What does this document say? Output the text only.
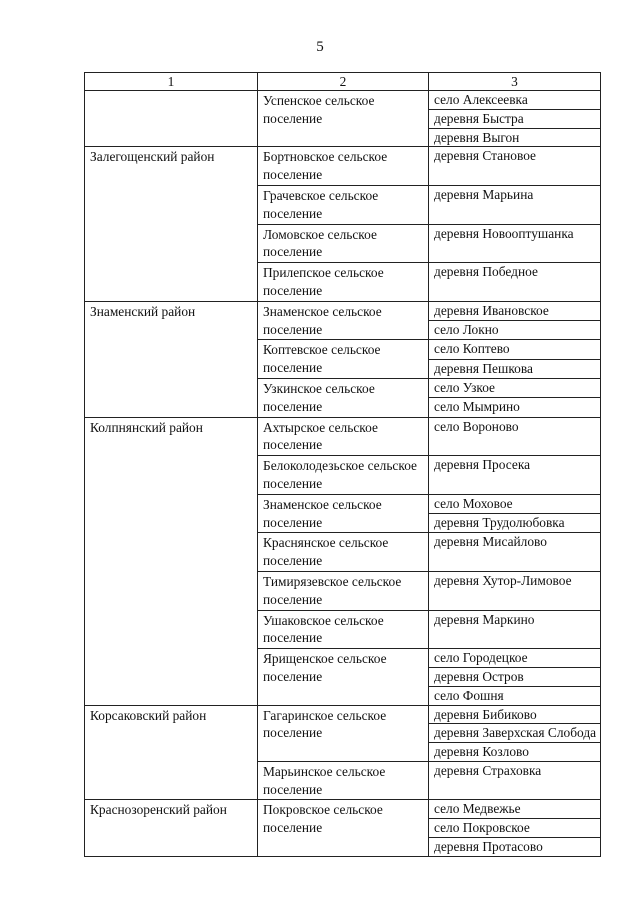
5
1	2	3
	Успенское сельское поселение	село Алексеевка
		деревня Быстра
		деревня Выгон
Залегощенский район	Бортновское сельское поселение	деревня Становое
	Грачевское сельское поселение	деревня Марьина
	Ломовское сельское поселение	деревня Новооптушанка
	Прилепское сельское поселение	деревня Победное
Знаменский район	Знаменское сельское поселение	деревня Ивановское
		село Локно
	Коптевское сельское поселение	село Коптево
		деревня Пешкова
	Узкинское сельское поселение	село Узкое
		село Мымрино
Колпнянский район	Ахтырское сельское поселение	село Вороново
	Белоколодезьское сельское поселение	деревня Просека
	Знаменское сельское поселение	село Моховое
		деревня Трудолюбовка
	Краснянское сельское поселение	деревня Мисайлово
	Тимирязевское сельское поселение	деревня Хутор-Лимовое
	Ушаковское сельское поселение	деревня Маркино
	Ярищенское сельское поселение	село Городецкое
		деревня Остров
		село Фошня
Корсаковский район	Гагаринское сельское поселение	деревня Бибиково
		деревня Заверхская Слобода
		деревня Козлово
	Марьинское сельское поселение	деревня Страховка
Краснозоренский район	Покровское сельское поселение	село Медвежье
		село Покровское
		деревня Протасово
